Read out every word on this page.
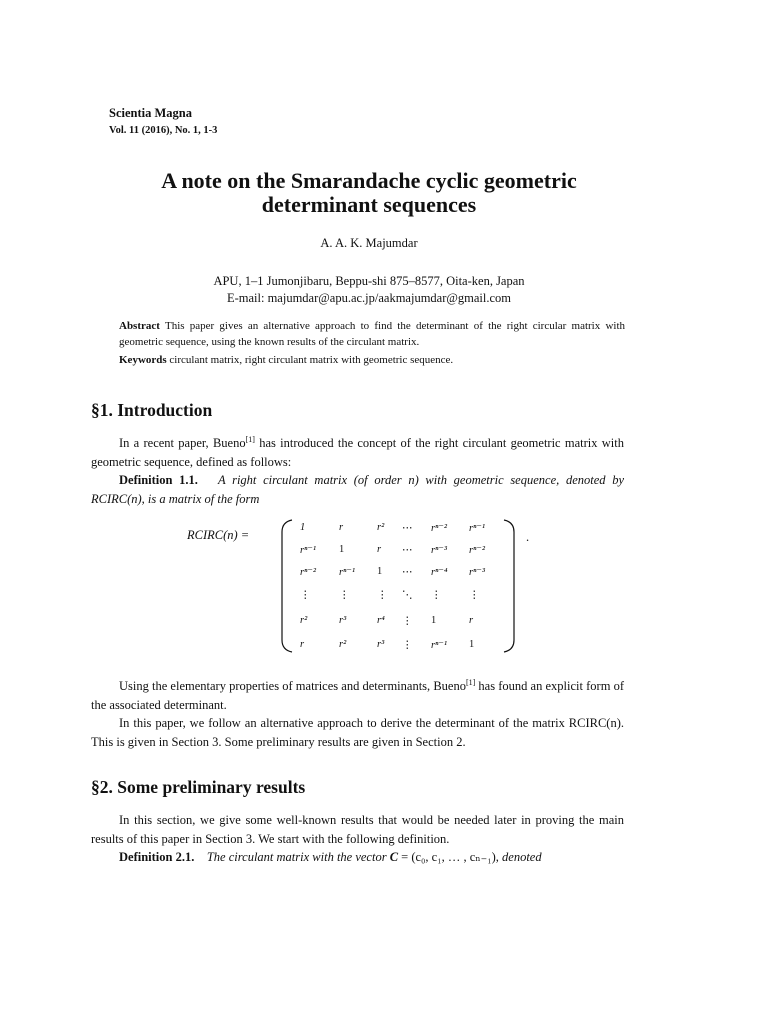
Scientia Magna
Vol. 11 (2016), No. 1, 1-3
A note on the Smarandache cyclic geometric
determinant sequences
A. A. K. Majumdar
APU, 1–1 Jumonjibaru, Beppu-shi 875–8577, Oita-ken, Japan
E-mail: majumdar@apu.ac.jp/aakmajumdar@gmail.com
Abstract This paper gives an alternative approach to find the determinant of the right circular matrix with geometric sequence, using the known results of the circulant matrix.
Keywords circulant matrix, right circulant matrix with geometric sequence.
§1. Introduction
In a recent paper, Bueno[1] has introduced the concept of the right circulant geometric matrix with geometric sequence, defined as follows:
Definition 1.1. A right circulant matrix (of order n) with geometric sequence, denoted by RCIRC(n), is a matrix of the form
RCIRC(n) =
1	r	r² ⋯ rⁿ⁻² rⁿ⁻¹
rⁿ⁻¹ 1	r ⋯ rⁿ⁻³ rⁿ⁻²
rⁿ⁻² rⁿ⁻¹ 1 ⋯ rⁿ⁻⁴ rⁿ⁻³
⋮	⋮	⋮ ⋱ ⋮	⋮
r²	r³	r⁴ ⋮ 1	r
r	r²	r³ ⋮ rⁿ⁻¹ 1
.
Using the elementary properties of matrices and determinants, Bueno[1] has found an explicit form of the associated determinant.
In this paper, we follow an alternative approach to derive the determinant of the matrix RCIRC(n). This is given in Section 3. Some preliminary results are given in Section 2.
§2. Some preliminary results
In this section, we give some well-known results that would be needed later in proving the main results of this paper in Section 3. We start with the following definition.
Definition 2.1. The circulant matrix with the vector C = (c₀, c₁, … , cₙ₋₁), denoted
